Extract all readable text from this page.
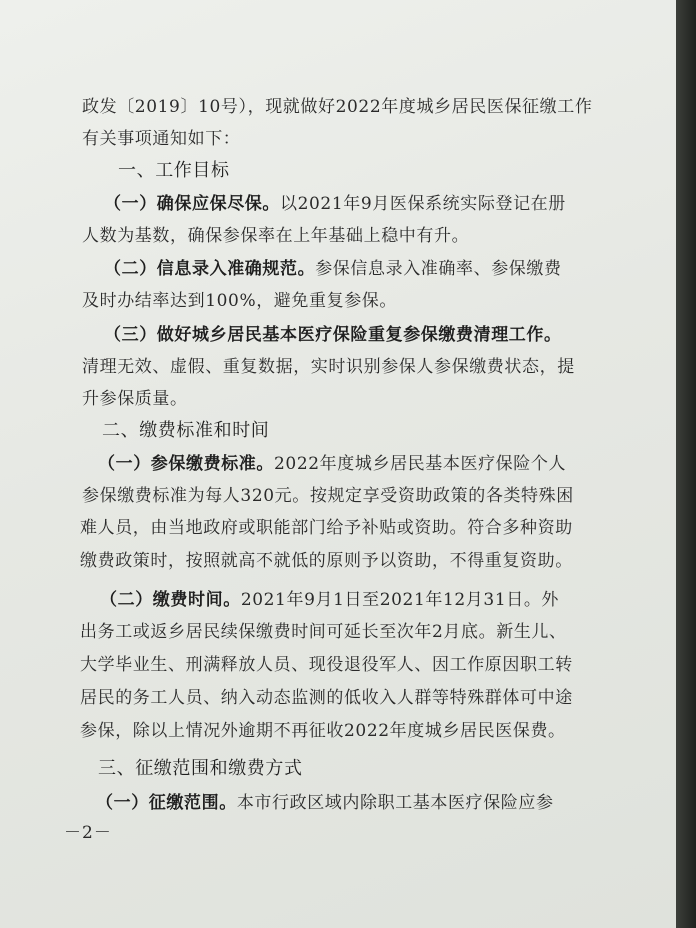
政发〔2019〕10号），现就做好2022年度城乡居民医保征缴工作
有关事项通知如下：
一、工作目标
（一）确保应保尽保。以2021年9月医保系统实际登记在册
人数为基数，确保参保率在上年基础上稳中有升。
（二）信息录入准确规范。参保信息录入准确率、参保缴费
及时办结率达到100%，避免重复参保。
（三）做好城乡居民基本医疗保险重复参保缴费清理工作。
清理无效、虚假、重复数据，实时识别参保人参保缴费状态，提
升参保质量。
二、缴费标准和时间
（一）参保缴费标准。2022年度城乡居民基本医疗保险个人
参保缴费标准为每人320元。按规定享受资助政策的各类特殊困
难人员，由当地政府或职能部门给予补贴或资助。符合多种资助
缴费政策时，按照就高不就低的原则予以资助，不得重复资助。
（二）缴费时间。2021年9月1日至2021年12月31日。外
出务工或返乡居民续保缴费时间可延长至次年2月底。新生儿、
大学毕业生、刑满释放人员、现役退役军人、因工作原因职工转
居民的务工人员、纳入动态监测的低收入人群等特殊群体可中途
参保，除以上情况外逾期不再征收2022年度城乡居民医保费。
三、征缴范围和缴费方式
（一）征缴范围。本市行政区域内除职工基本医疗保险应参
－2－
